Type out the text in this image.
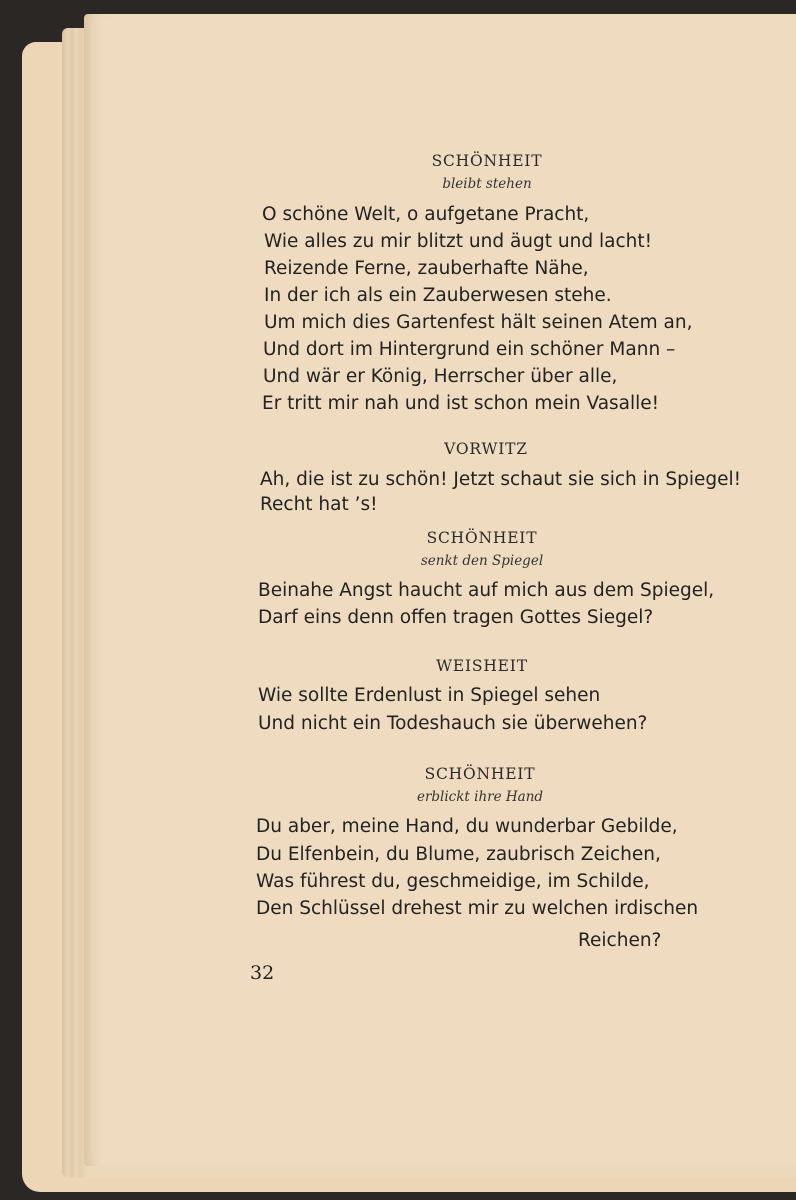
SCHÖNHEIT
bleibt stehen
O schöne Welt, o aufgetane Pracht,
Wie alles zu mir blitzt und äugt und lacht!
Reizende Ferne, zauberhafte Nähe,
In der ich als ein Zauberwesen stehe.
Um mich dies Gartenfest hält seinen Atem an,
Und dort im Hintergrund ein schöner Mann –
Und wär er König, Herrscher über alle,
Er tritt mir nah und ist schon mein Vasalle!
VORWITZ
Ah, die ist zu schön! Jetzt schaut sie sich in Spiegel!
Recht hat ’s!
SCHÖNHEIT
senkt den Spiegel
Beinahe Angst haucht auf mich aus dem Spiegel,
Darf eins denn offen tragen Gottes Siegel?
WEISHEIT
Wie sollte Erdenlust in Spiegel sehen
Und nicht ein Todeshauch sie überwehen?
SCHÖNHEIT
erblickt ihre Hand
Du aber, meine Hand, du wunderbar Gebilde,
Du Elfenbein, du Blume, zaubrisch Zeichen,
Was führest du, geschmeidige, im Schilde,
Den Schlüssel drehest mir zu welchen irdischen
Reichen?
32
